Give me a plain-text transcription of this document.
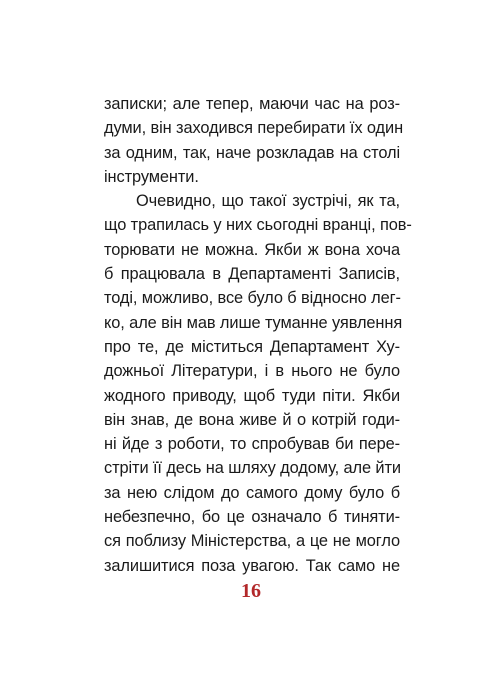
записки; але тепер, маючи час на роз-
думи, він заходився перебирати їх один
за одним, так, наче розкладав на столі
інструменти.
Очевидно, що такої зустрічі, як та,
що трапилась у них сьогодні вранці, пов-
торювати не можна. Якби ж вона хоча
б працювала в Департаменті Записів,
тоді, можливо, все було б відносно лег-
ко, але він мав лише туманне уявлення
про те, де міститься Департамент Ху-
дожньої Літератури, і в нього не було
жодного приводу, щоб туди піти. Якби
він знав, де вона живе й о котрій годи-
ні йде з роботи, то спробував би пере-
стріти її десь на шляху додому, але йти
за нею слідом до самого дому було б
небезпечно, бо це означало б тиняти-
ся поблизу Міністерства, а це не могло
залишитися поза увагою. Так само не
16
